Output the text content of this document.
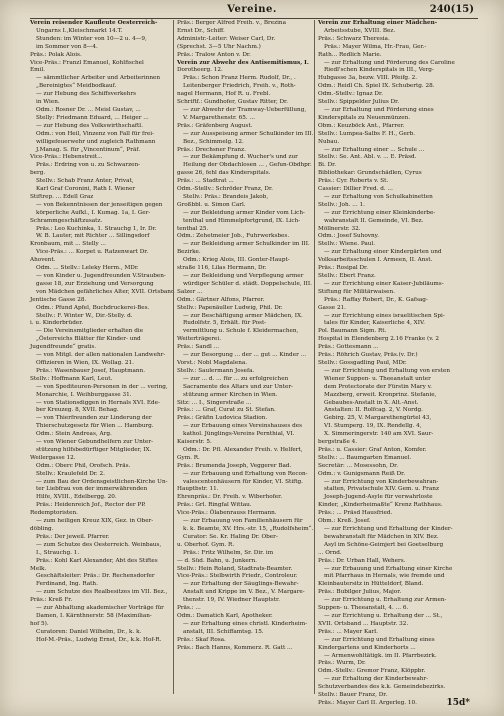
Vereine.	240(15)

Verein reisender Kaufleute Oesterreich-

Ungarns I.,Kleischmarkt 14.T.

Stunden: im Winter von 10—2 u. 4—9,

im Sommer von 8—4.

Präs.: Polak Alois.

Vice-Präs.: Franzl Emanuel, Kohlfischel

Emil.

— sämmtlicher Arbeiter und Arbeiterinnen

„Bereinigtes“ Meidbodkauf.

— zur Hebung des Schiffsverkehrs

in Wien.

Odm.: Rosner Dr. ... Meisl Gustav, ...

Stelly: Friedmann Eduard, ... Heiger ...

— zur Hebung des Volkswirthschaftl.

Odm.: von Heil, Vinzenz von Fall für frei-

willigefeuerwehr und zugleich Rathmann

J.Manag. S. für „Vincentinum“, Präf.

Vice-Präs.: Hebenstreit...

Präs.: Erdring von u. zu Schwarzen-

berg.

Stellv.: Schab Franz Anter, Privat,

Karl Graf Coronini, Rath I. Wiener

Stiftrep. ... Edell Graz

— von Bekenntnissen der jenseitigen gegen

körperliche Aufkl., I. Kumag. 1a, I. Ger-

Schrammgeschäftzusatz.

Präs.: Leo Kuchinka, 1. Strauchg 1, Ir. Dr.

W. B. Lauter, mit Richter ... Sillingsdorf

Kronbaum, mit ... Stelly ...

Vice-Präs.: ... Korpet u. Ratzenwart Dr.

Ahovent.

Odm. ... Stellv.: Leleky Herm., MDr.

— von Kinder u. Jugendfreunden V.Strauben-

gasse 18, zur Erziehung und Versorgung

von Mädchen gefährliches Alter, XVII. Ortsband

Jentische Gasse 28.

Odm.: Pfund Apfel, Buchdruckerei-Bes.

Stellv.: F. Winter W., Dir.-Stelly. d.

i. u. Kinderbrüder.

— Die Vereinsmitglieder erhalten die

„Österreichs Blätter für Kinder- und

Jugendfreunde“ gratis.

— von Mitgl. der allen nationalen Landwehr-

Offizieren in Wien, IX. Wollag. 21.

Präs.: Wasenbauer Josef, Hauptmann.

Stellv.: Hoffmann Karl, Leut.

— von Spediteuren-Personen in der ... vering,

Monarchie, I. Weihburggasse 31.

— von Stationsdiggen in Hernals XVI. Ede-

ber Kreuzeg. 8, XVII. Behag.

— von Thierfreunden zur Linderung der

Thierschutzgesetz für Wien ... Hamburg.

Odm.: Stein Andreas, Arg.

— von Wiener Gebundhelfern zur Unter-

stützung hilfsbedürftiger Mitglieder, IX.

Weilergasse 12.

Odm.: Oberc Phil, Orofsch. Präs.

Stellv.: Kraulefeld Dr. 2.

— zum Bau der Ordensgeistlichen-Kirche Un-

ter Liebfrau von der immerwährenden

Hilfe, XVIII., Edelbergg. 20.

Präs.: Heidenreich Jof., Rector der PP.

Redemptoristen.

— zum heiligen Kreuz XIX, Gez. in Ober-

döbling.

Präs.: Der jeweil. Pfarrer.

— zum Schutze des Oesterreich. Weinbaus,

I., Strauchg. 1.

Präs.: Kohl Karl Alexander, Abt des Stiftes

Melk.

Geschäftsleiter: Präs.: Dr. Rechensdorfer

Ferdinand, Ing. Rath.

— zum Schutze des Realbesitzes im VII. Bez.,

Präs.: Kreß Fr.

— zur Abhaltung akademischer Vorträge für

Damen, I. Kärnthnerstr. 58 (Maximilian-

hof 5).

Curatoren: Daniel Wilhelm, Dr., k. k.

Hof-M.-Präs., Ludwig Ernst, Dr., k.k. Hof-R.

Präs.: Berger Alfred Freih. v., Brezina

Ernst Dr., Schiff.

Administr.-Leiter: Weiser Carl, Dr.

(Sprechst. 3—5 Uhr Nachm.)

Präs.: Tralow Anton v. Dr.

Verein zur Abwehr des Antisemitismus, I.

Dorotheerg. 12.

Präs.: Schon Franz Herm. Rudolf, Dr., .

Leitenberger Friedrich, Freih. v., Roth-

nagel Hermann, Hof R. u. Frebl.

Schriftf.: Gundhofer, Gustav Ritter, Dr.

— zur Abwehr der Tramway-Ueberfüllung,

V. Margarethenstr. 65. ...

Präs.: Gräfenberg August.

— zur Ausspeisung armer Schulkinder im III.

Bez., Schimmelg. 12.

Präs.: Drechsner Franz.

— zur Bekämpfung d. Wucher's und zur

Heilung der Obdachlosen ... , Gefun-Obdhpr.

gasse 26, fehl das Kinderspitals.

Präs.: ... Stadtrat ...

Odm.-Stellv.: Schröder Franz, Dr.

Stellv.: Präs.: Brandeis Jakob,

Großbbl. u. Simon Carl.

— zur Bekleidung armer Kinder vom Lich-

tenthal und Himmelpfortgrund, IX. Lich-

tenthal 25.

Odm.: Zehetmeier Job., Fuhrwerksbes.

— zur Bekleidung armer Schulkinder im III.

Bezirke.

Odm.: Krieg Alois, III. Gonter-Haupt-

straße 116, Lilas Hermann, Dr.

— zur Bekleidung und Verpflegung armer

würdiger Schüler d. städt. Doppelschule, III.

Salzer ...

Odm.: Gärtner Alfons, Pfarrer.

Stellv.: Papenäuller Ludwig, Phil. Dr.

— zur Beschäftigung armer Mädchen, IX.

Rudolfstr. 5, Erhält. für Post-

vermittlung u. Schule f. Kleidermachen,

Weiterträgerei.

Präs.: Sandl ...

— zur Besorgung ... der ... gut ... Kinder ...

Vorst.: Nobl Magdalena.

Stellv.: Saulermann Josefa.

— zur ... d. ... für ... zu erfolgreichen

Sacramente des Altars und zur Unter-

stützung armer Kirchen in Wien.

Sitz: ... I., Singerstraße ...

Präs.: ... Graf, Curat zu St. Stefan.

Präs.: Gräfin Ludovica Stadion.

— zur Erbauung eines Vereinshauses des

kathol. Jünglings-Vereins Pernthial, VI.

Kaiserstr. 5.

Odm.: Dr. Pfl. Alexander Freih. v. Helfert,

Gym. R.

Präs.: Brumenda Joseph, Veggerer Bad.

— zur Erbauung und Erhaltung von Recon-

valescentenhäusern für Kinder, VI. Stiftg.

Hauptbstr. 11.

Ehrenpräs.: Dr. Freih. v. Wiberhofer.

Präs.: Grl. Ringfal Wittau.

Vice-Präs.: Ölabenrauss Hermann.

— zur Erbauung von Familienhäusern für

k. k. Beamte, XV. Hrs.-str. 15, „Rudolfsheim“.

Curator: Se. Kr. Haling Dr. Ober-

u. Oberhof. Gym. R.

Präs.: Fritz Wilhelm, Sr. Dir. im

— d. Süd. Bahn, u. Junkern.

Stellv.: Hein Roland, Stadtrats-Beamter.

Vice-Präs.: Stelbwirth Friedr., Controleur.

— zur Erhaltung der Säuglings-Bewahr-

Anstalt und Krippe im V. Bez., V. Margare-

thenstr. 19, IV. Wiedner Hauptstr.

Präs.: ...

Odm.: Damatich Karl, Apotheker.

— zur Erhaltung eines christl. Kinderheim-

anstalt, III. Schiffamtsg. 15.

Präs.: Skaf Rosa.

Präs.: Bach Hanns, Kommerz. R. Gatt ...

Verein zur Erhaltung einer Mädchen-

Arbeitsstube, XVIII. Bez.

Präs.: Schwarz Theresia.

Präs.: Mayer Wilma, Hr.-Frau, Ger.-

Rath... Redlich Marie.

— zur Erhaltung und Förderung des Caroline

Riedl'schen Kinderspitals in III., Verg-

Hubgasse 3a, bezw. VIII. Pfeifg. 2.

Odm.: Reidl Ch. Spiel IX. Schubertg. 28.

Odm.-Stellv.: Ignaz Dr.

Stellv.: Spippelder Julius Dr.

— zur Erhaltung und Förderung eines

Kinderspitals zu Neuenmünzen.

Obm.: Keuzböck Ant., Pfarrer.

Stellv.: Lumpea-Salbs F. H., Gerb.

Nubau.

— zur Erhaltung einer ... Schule ...

Stellv.: Se. Ant. Abl. v. ... E. Präsd.

Bi. Dr.

Bibliothekar: Grundschädlen, Cyrus

Präs.: Cyr. Roberts v. St.

Cassier: Dillier Fred. d. ...

— zur Erhaltung von Schulkabinetten

Stellv.: Joh. ... 1.

— zur Errichtung einer Kleinkinderbe-

wahranstalt II. Gemeinde, VI. Bez.

Möllnerstr. 32.

Odm.: Josef Suhovny.

Stellv.: Wiene. Paul.

— zur Erhaltung einer Kindergärten und

Volksarbeitsschulen I. Armeen, II. Anst.

Präs.: Rosipal Dr.

Stellv.: Ebert Franz.

— zur Errichtung einer Kaiser-Jubiläums-

Stiftung für Militärwaisen.

Präs.: Raffay Robert, Dr., K. Gafsag-

Gasse 21.

— zur Errichtung eines israelitischen Spi-

tales für Kinder, Kaiserliche 4, XIV.

Pol. Baumann Sigm. Rt.

Hospital in Elendenberg 2.16 Franke (v. 2

Präs.: Gottesmann ...

Präs.: Röhrich Gustav, Präs.(v. Dr.)

Stellv.: Gossgadling Paul, MDr.

— zur Errichtung und Erhaltung von ersten

Wiener Suppen- u. Theeanstalt unter

dem Protectorate der Fürstin Mary v.

Mazzberg, erweit. Kronprinz. Stefanie,

Gebaubes-Anstalt in X. Alt.-Anst.

Anstalten: II. Rolfcag. 2, V. Nordg.

Gebirg. 25, V. Margarethengürtel 43,

VI. Stumperg. 19, IX. Rendellg. 4,

X. Simmeringerstr. 140 am XVI. Saur-

bergstraße 4.

Präs.: u. Cassier: Graf Anton, Komfer.

Stellv.: ... Baumgarten Emanuel.

Secretär: ... Mosessohn, Dr.

Odm.: v. Gunigsmann Reiß Dr.

— zur Errichtung von Kinderbewahran-

stalten, Privatschule XIV. Gem. u. Franz

Joseph-Jugend-Asyle für verwahrloste

Kinder, „Kinderheimaßte“ Krenz Rathhaus.

Präs.: ... Präsd Hausfried.

Obm.: Kreß. Josef.

— zur Errichtung und Erhaltung der Kinder-

bewahranstalt für Mädchen in XIV. Bez.

Asyl im Schöne-Geimjert bei Goetselburg

... Ornd.

Präs.: Dr. Urban Hall, Wehers.

— zur Erbauung und Erhaltung einer Kirche

mit Pfarrhaus in Hernals, wie fremde und

Kleinbautersitz in Hütteldorf, Bland.

Präs.: Bubilger Julius, Major.

— zur Errichtung u. Erhaltung zur Armen-

Suppen- u. Theeanstalt, 4. ... 6.

— zur Errichtung u. Erhaltung der ... St.,

XVII. Ortsband ... Hauptstr. 32.

Präs.: ... Mayer Karl.

— zur Errichtung und Erhaltung eines

Kindergartens und Kinderhorts ...

— Armenwohltätigk. im II. Pfarrbezirk.

Präs.: Wurm, Dr.

Odm.-Stellv.: Gremor Franz, Klöppbr.

— zur Erhaltung der Kinderbewahr-

Schutzverbandes des k.k. Gemeindebezirks.

Stellv.: Bauer Franz, Dr.

Präs.: Mayer Carl II. Argerleg. 10.	15d*
